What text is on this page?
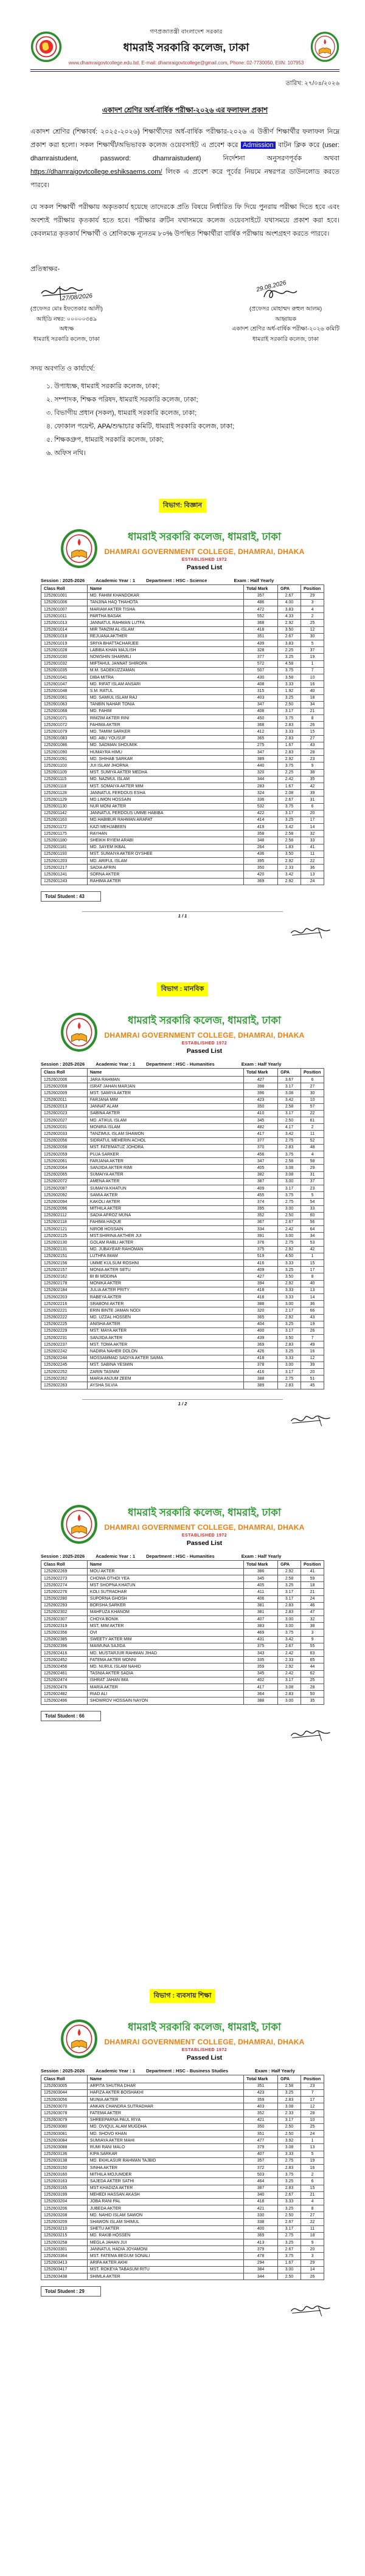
গণপ্রজাতন্ত্রী বাংলাদেশ সরকার
ধামরাই সরকারি কলেজ, ঢাকা
www.dhamraigovtcollege.edu.bd, E-mail: dhamraigovtcollege@gmail.com, Phone: 02-7730050, EIIN: 107953
তারিখ: ২৭/০৪/২০২৬
একাদশ শ্রেণির অর্ধ-বার্ষিক পরীক্ষা-২০২৬ এর ফলাফল প্রকাশ

একাদশ শ্রেণির (শিক্ষাবর্ষ: ২০২৫-২০২৬) শিক্ষার্থীদের অর্ধ-বার্ষিক পরীক্ষার-২০২৬ এ উত্তীর্ণ শিক্ষার্থীর ফলাফল নিম্নে প্রকাশ করা হলো। সকল শিক্ষার্থী/অভিভাবক কলেজ ওয়েবসাইট এ প্রবেশ করে Admission বাটন ক্লিক করে (user: dhamraistudent, password: dhamraistudent) নির্দেশনা অনুসরণপূর্বক অথবা https://dhamraigovtcollege.eshiksaems.com/ লিংক এ প্রবেশ করে পূর্বের নিয়মে নম্বরপত্র ডাউনলোড করতে পারবে।

যে সকল শিক্ষার্থী পরীক্ষায় অকৃতকার্য হয়েছে তাদেরকে প্রতি বিষয়ে নির্ধারিত ফি দিয়ে পুনরায় পরীক্ষা দিতে হবে এবং অবশ্যই পরীক্ষায় কৃতকার্য হতে হবে। পরীক্ষার রুটিন যথাসময়ে কলেজ ওয়েবসাইটে যথাসময়ে প্রকাশ করা হবে। কেবলমাত্র কৃতকার্য শিক্ষার্থী ও শ্রেণিকক্ষে ন্যূনতম ৮০% উপস্থিত শিক্ষার্থীরা বার্ষিক পরীক্ষায় অংশগ্রহণ করতে পারবে।

প্রতিস্বাক্ষর-
27/08/2026
(প্রফেসর মোঃ ইফতেকার আলী)
আইডি নম্বর: ০০০০০৩৪৯
অধ্যক্ষ
ধামরাই সরকারি কলেজ, ঢাকা
29.08.2026
(প্রফেসর মোহাম্মদ রুহুল আলম)
আহ্বায়ক
একাদশ শ্রেণির অর্ধ-বার্ষিক পরীক্ষা-২০২৬ কমিটি
ধামরাই সরকারি কলেজ, ঢাকা
সদয় অবগতি ও কার্যার্থে:
১. উপাধ্যক্ষ, ধামরাই সরকারি কলেজ, ঢাকা;
২. সম্পাদক, শিক্ষক পরিষদ, ধামরাই সরকারি কলেজ, ঢাকা;
৩. বিভাগীয় প্রধান (সকল), ধামরাই সরকারি কলেজ, ঢাকা;
৪. ফোকাল পয়েন্ট, APA/শুদ্ধাচার কমিটি, ধামরাই সরকারি কলেজ, ঢাকা;
৫. শিক্ষকগ্রুপ, ধামরাই সরকারি কলেজ, ঢাকা;
৬. অফিস নথি।
বিভাগ: বিজ্ঞান
ধামরাই সরকারি কলেজ, ধামরাই, ঢাকা
DHAMRAI GOVERNMENT COLLEGE, DHAMRAI, DHAKA
ESTABLISHED 1972
Passed List
Session : 2025-2026 Academic Year : 1 Department : HSC - Science	Exam : Half Yearly
Class Roll	Name	Total Mark	GPA	Position
1252601001	MD. FAHIM KHANDOKAR	357	2.67	29
1252601006	TANJINA HAQ THAHOTA	486	4.00	3
1252601007	MARIAM AKTER TISHA	472	3.83	4
1252601011	PARTHA BASAK	552	4.33	2
1252601013	JANNATUL RAHMAN LUTFA	368	2.92	25
1252601014	MIR TANZIM AL-ISLAM	418	3.50	12
1252601018	REJUANA AKTHER	351	2.67	30
1252601019	SRIYA BHATTACHARJEE	439	3.83	5
1252601028	LABIBA KHAN MAJLISH	328	2.25	37
1252601030	NOWSHIN SHARMILI	377	3.25	19
1252601032	MIFTAHUL JANNAT SHIROPA	572	4.58	1
1252601035	M.M. SADEKUZZAMAN	507	3.75	7
1252601041	DIBA MITRA	430	3.58	10
1252601047	MD. RIFAT ISLAM ANSARI	408	3.33	16
1252601048	S.M. RATUL	315	1.92	40
1252601061	MD. SAMIUL ISLAM RAJ	403	3.25	18
1252601063	TANBIN NAHAR TONIA	347	2.50	34
1252601068	MD. FAHIM	408	3.17	21
1252601071	RIMZIM AKTER RINI	450	3.75	8
1252601072	FAHIMA AKTER	368	2.83	26
1252601079	MD. TAMIM SARKER	412	3.33	15
1252601083	MD. ABU YOUSUF	365	2.83	27
1252601086	MD. SADMAN SHOUMIK	275	1.67	43
1252601090	HUMAYRA HIMU	347	2.83	28
1252601091	MD. SHIHAB SARKAR	389	2.92	23
1252601103	JUI ISLAM JHORNA	440	3.75	9
1252601109	MST. SUMIYA AKTER MEDHA	320	2.25	38
1252601115	MD. NAZMUL ISLAM	344	2.42	35
1252601118	MST. SOMAIYA AKTER MIM	283	1.67	42
1252601128	JANNATUL FERDOUS ESHA	324	2.08	39
1252601129	MD.LIMON HOSSAIN	336	2.67	31
1252601130	NUR MONI AKTER	532	3.75	6
1252601142	JANNATUL FERDOUS UMME HABIBA	422	3.17	20
1252601163	MD.HABIBUR RAHMAN ARAFAT	414	3.25	17
1252601172	KAZI MEHJABEEN	419	3.42	14
1252601175	RAYHAN	358	2.58	32
1252601180	SHEIKH RYIEM ARABI	348	2.58	33
1252601181	MD. SAYEM IKBAL	264	1.83	41
1252601193	MST. SUMAIYA AKTER OYSHEE	436	3.50	11
1252601203	MD. ARIFUL ISLAM	395	2.92	22
1252601217	SADIA AFRIN	350	2.33	36
1252601241	SORNA AKTER	420	3.42	13
1252601243	RAHIMA AKTER	369	2.92	24
Total Student : 43
1 / 1
বিভাগ : মানবিক
ধামরাই সরকারি কলেজ, ধামরাই, ঢাকা
DHAMRAI GOVERNMENT COLLEGE, DHAMRAI, DHAKA
ESTABLISHED 1972
Passed List
Session : 2025-2026 Academic Year : 1 Department : HSC - Humanities	Exam : Half Yearly
Class Roll	Name	Total Mark	GPA	Position
1252602006	JARA RAHMAN	427	3.67	6
1252602008	ISRAT JAHAN MARJAN	398	3.17	27
1252602009	MST. SAMIYA AKTER	396	3.08	30
1252602011	FARJANA MIM	423	3.42	10
1252602013	JANNAT ALAM	350	2.58	57
1252602023	SABINA AKTER	410	3.17	22
1252602027	MD. ATIKUL ISLAM	345	2.50	61
1252602031	MONIRA ISLAM	482	4.17	2
1252602033	TANZIMUL ISLAM SHAWON	417	3.42	11
1252602056	SIDRATUL MEHERIN ACHOL	377	2.75	52
1252602058	MST. FATEMATUZ JOHORA	370	2.83	48
1252602059	PUJA SARKER	456	3.75	4
1252602061	FARJANA AKTER	347	2.58	58
1252602064	SANJIDA AKTER RIMI	405	3.08	29
1252602065	SUMAIYA AKTER	382	3.08	31
1252602072	AMENA AKTER	387	3.00	37
1252602087	SUMAIYA KHATUN	409	3.17	23
1252602092	SAMIA AKTER	455	3.75	5
1252602094	KAKOLI AKTER	374	2.75	54
1252602096	MITHILA AKTER	395	3.00	33
1252602112	SADIA AFROZ MUNA	352	2.50	60
1252602118	FAHIMA HAQUE	367	2.67	56
1252602121	NIROB HOSSAIN	334	2.42	64
1252602125	MST.SHIRINA AKTHER JUI	391	3.00	34
1252602130	GOLAM RABLI AKTER	376	2.75	53
1252602131	MD. JUBAYEAR RAHOMAN	375	2.92	42
1252602151	LUTHFA IMAM	519	4.50	1
1252602156	UMME KULSUM ROSHNI	416	3.33	15
1252602157	MONIA AKTER SETU	409	3.25	17
1252602162	BI BI MODINA	427	3.50	8
1252602178	MONIKA AKTER	394	2.92	40
1252602184	JULIA AKTER PRITY	418	3.33	13
1252602203	RABEYA AKTER	418	3.33	14
1252602216	SRABONI AKTER	388	3.00	36
1252602221	ERIN BINTE JAMAN NODI	320	2.17	66
1252602222	MD. UZZAL HOSSEN	365	2.92	43
1252602225	ANISHA AKTER	404	3.25	19
1252602229	MST. MAYA AKTER	400	3.17	26
1252602231	SANJIDA AKTER	439	3.50	7
1252602237	MST. TOMA AKTER	369	2.83	49
1252602242	NADIRA NAHER DOLON	426	3.25	16
1252602244	MOSSAMMAD SADIYA AKTER SAIMA	418	3.33	12
1252602245	MST. SABINA YESMIN	378	3.00	39
1252602252	ZARIN TASNIM	416	3.17	20
1252602262	MARIA ANJUM ZEEM	388	2.75	51
1252602263	AYSHA SILVIA	389	2.83	45
1 / 2
ধামরাই সরকারি কলেজ, ধামরাই, ঢাকা
DHAMRAI GOVERNMENT COLLEGE, DHAMRAI, DHAKA
ESTABLISHED 1972
Passed List
Session : 2025-2026 Academic Year : 1 Department : HSC - Humanities	Exam : Half Yearly
Class Roll	Name	Total Mark	GPA	Position
1252602269	MOU AKTER	386	2.92	41
1252602273	CHOWA OTHOI YEA	345	2.58	59
1252602274	MST SHOPNA KHATUN	405	3.25	18
1252602276	KOLI SUTRADHAR	411	3.17	21
1252602280	SUPORNA GHOSH	406	3.17	24
1252602293	BORSHA SARKER	381	2.83	46
1252602302	MAHFUZA KHANOM	381	2.83	47
1252602307	CHOYA BONIK	407	3.00	32
1252602319	MST. MIM AKTER	383	3.00	38
1252602356	OVI	469	3.75	3
1252602385	SWEETY AKTER MIM	431	3.42	9
1252602396	MAIMUNA SAJIDA	375	2.67	55
1252602416	MD. MUSTARJUR RAHMAN JIHAD	343	2.42	63
1252602452	FATEMA AKTER MONNI	335	2.33	65
1252602456	MD. NURUL ISLAM NAHID	359	2.92	44
1252602461	TASNIA AKTER SADIA	345	2.42	62
1252602474	ISHRAT JAHAN IMA	402	3.17	25
1252602476	MARIA AKTER	417	3.08	28
1252602482	RIAD ALI	364	2.83	50
1252602496	SHOWROV HOSSAIN NAYON	388	3.00	35
Total Student : 66
বিভাগ : ব্যবসায় শিক্ষা
ধামরাই সরকারি কলেজ, ধামরাই, ঢাকা
DHAMRAI GOVERNMENT COLLEGE, DHAMRAI, DHAKA
ESTABLISHED 1972
Passed List
Session : 2025-2026 Academic Year : 1 Department : HSC - Business Studies	Exam : Half Yearly
Class Roll	Name	Total Mark	GPA	Position
1252603005	ARPITA SHUTRA DHAR	351	2.58	23
1252603044	HAFIZA AKTER BOISHAKHI	423	3.25	7
1252603056	MUNIA AKTER	359	2.83	17
1252603070	ANKAN CHANDRA SUTRADHAR	403	3.08	12
1252603078	FATEMA AKTER	352	2.33	28
1252603079	SHREEPARNA PAUL RIYA	421	3.17	10
1252603080	MD. OVIQUL ALAM MUGDHA	350	2.50	25
1252603081	MD. SHOVO KHAN	351	2.50	24
1252603084	SUMIAYA AKTER MAHI	477	3.92	1
1252603088	RUMI RANI MALO	379	3.08	13
1252603136	KIPA SARKAR	407	3.33	5
1252603138	MD. EKHLASUR RAHMAN TAJBID	357	2.75	19
1252603150	SINHA AKTER	372	2.83	16
1252603160	MITHILA MOJUMDER	503	3.75	2
1252603163	SAJEDA AKTER SATHI	464	3.25	6
1252603165	MST KHADIZA AKTER	387	2.83	15
1252603199	MEHEDI HASSAN AKASH	340	2.67	21
1252603204	JOBA RANI PAL	418	3.33	4
1252603206	JUBEDA AKTER	421	3.25	8
1252603208	MD. NAHID ISLAM SAWON	330	2.50	27
1252603209	SHAWON ISLAM SHIMUL	338	2.67	22
1252603210	SHETU AKTER	400	3.17	11
1252603215	MD. RAKIB HOSSEN	369	2.75	18
1252603258	MEGLA JAHAN JUI	413	3.25	9
1252603301	JANNATUL HADIA JOYAMONI	379	2.67	20
1252603364	MST. FATEMA BEGUM SONALI	478	3.75	3
1252603413	ARIFA AKTER AKHI	294	1.67	29
1252603417	MST. ROKEYA TABASUM RITU	384	3.00	14
1252603438	SHIMLA AKTER	344	2.50	26
Total Student : 29
